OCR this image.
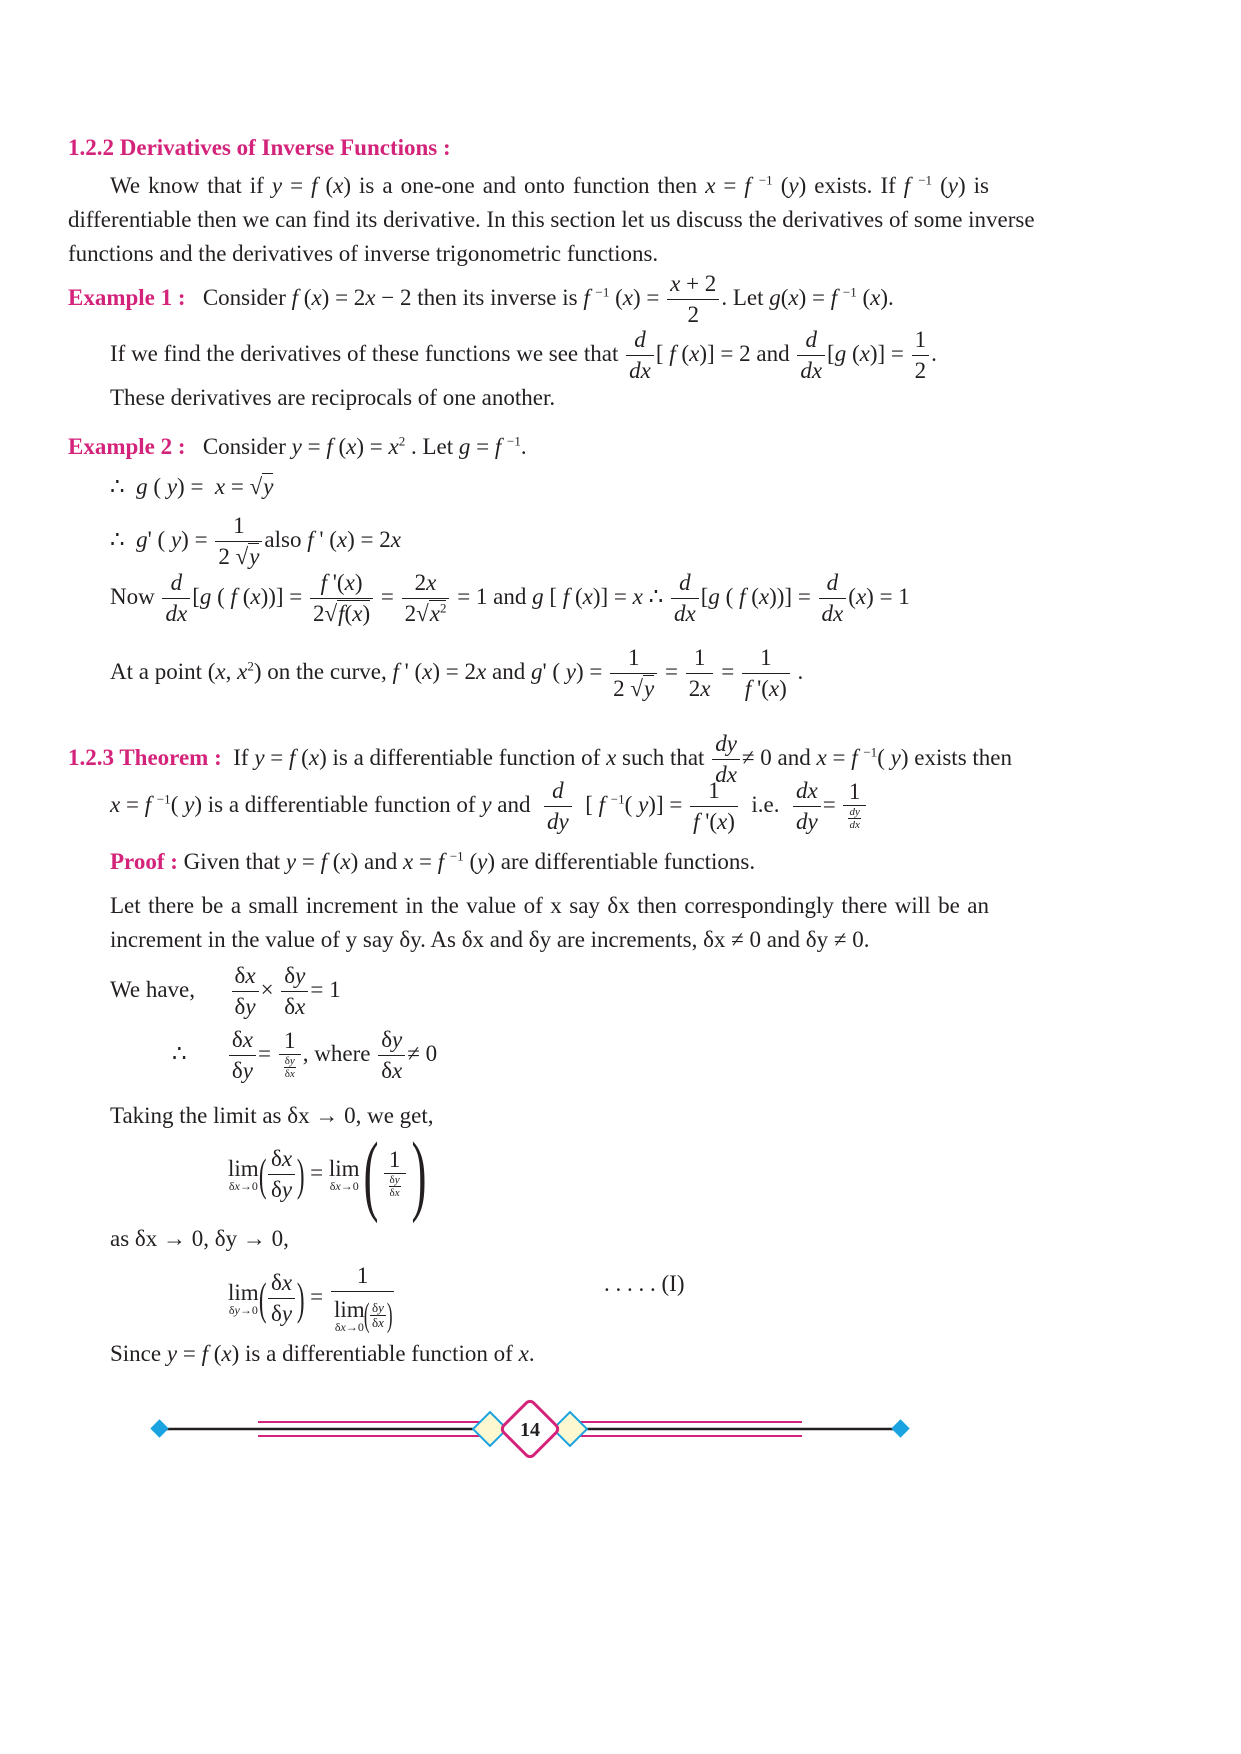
1.2.2 Derivatives of Inverse Functions :
We know that if y = f (x) is a one-one and onto function then x = f $^{-1}$ (y) exists. If f $^{-1}$ (y) is
differentiable then we can find its derivative. In this section let us discuss the derivatives of some inverse
functions and the derivatives of inverse trigonometric functions.
Example 1 : Consider f (x) = 2x − 2 then its inverse is f $^{-1}$ $(x) = \frac{x + 2}{2}$ . Let g(x) = f $^{-1}$ (x).
If we find the derivatives of these functions we see that $\frac{d}{dx}$ [ f (x)] = 2 and $\frac{d}{dx} [g$ $(x)] = \frac{1}{2}$ .
These derivatives are reciprocals of one another.
Example 2 : Consider y = f $(x) = x^2$ . Let g = f $^{-1}$.
∴  g ( y) =  x = √y
∴  g' ( $y) = \frac{1}{2 √y}$ also f ' (x) = 2x
Now $\frac{d}{dx} [g$ ( f $(x))] = \frac{f '(x)}{2√f(x)} = \frac{2x}{2√x^2} = 1$ and g [ f (x)] = x ∴ $\frac{d}{dx} [g$ ( f $(x))] = \frac{d}{dx} (x) = 1$
At a point (x, $x^2$) on the curve, f ' (x) = 2x and g' ( $y) = \frac{1}{2 √y} = \frac{1}{2x} = \frac{1}{f '(x)}$ .
1.2.3 Theorem : If y = f (x) is a differentiable function of x such that $\frac{dy}{dx} \ne 0$ and x = f $^{-1}$( y) exists then
x = f $^{-1}$( y) is a differentiable function of y and $\frac{d}{dy}$ [ f $^{-1}$( $y)] = \frac{1}{f '(x)} i.e$. $\frac{dx}{dy} = \frac{1}{\frac{dy}{dx}}$
Proof : Given that y = f (x) and x = f $^{-1}$ (y) are differentiable functions.
Let there be a small increment in the value of x say δx then correspondingly there will be an
increment in the value of y say δy. As δx and δy are increments, δx ≠ 0 and δy ≠ 0.
We have, $\frac{\delta x}{\delta y} \times \frac{\delta y}{\delta x} = 1$
∴ $\frac{\delta x}{\delta y} = \frac{1}{\frac{\delta y}{\delta x}}$ , where $\frac{\delta y}{\delta x} \ne 0$
Taking the limit as δx → 0, we get,
lim
δx→0 ( $\frac{\delta x}{\delta y}$ ) = lim
δx→0 ( $\frac{1}{\frac{\delta y}{\delta x}}$ )
as δx → 0, δy → 0,
lim
δy→0 ( $\frac{\delta x}{\delta y}$ ) = 1
lim
δx→0 ( $\frac{\delta y}{\delta x}$ )	. . . . . (I)
Since y = f (x) is a differentiable function of x.
14
